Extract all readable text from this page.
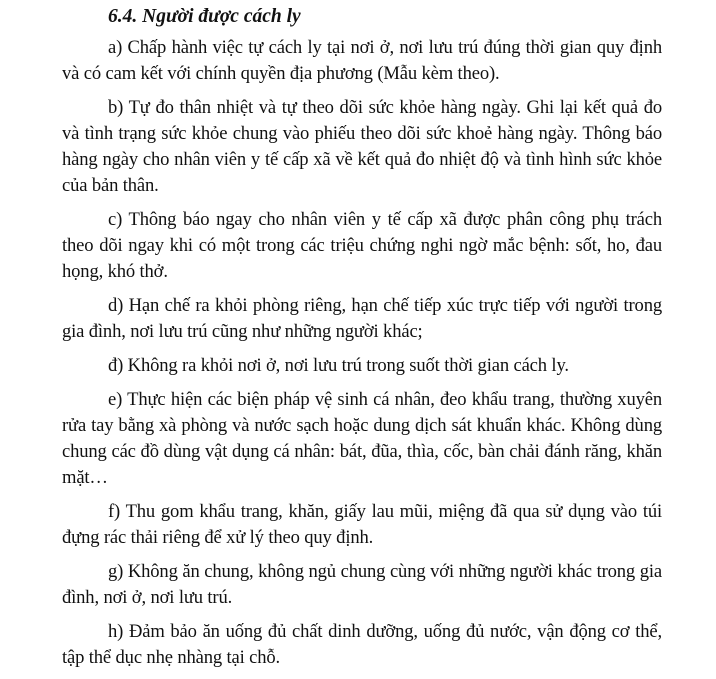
6.4. Người được cách ly

a) Chấp hành việc tự cách ly tại nơi ở, nơi lưu trú đúng thời gian quy định và có cam kết với chính quyền địa phương (Mẫu kèm theo).

b) Tự đo thân nhiệt và tự theo dõi sức khỏe hàng ngày. Ghi lại kết quả đo và tình trạng sức khỏe chung vào phiếu theo dõi sức khoẻ hàng ngày. Thông báo hàng ngày cho nhân viên y tế cấp xã về kết quả đo nhiệt độ và tình hình sức khỏe của bản thân.

c) Thông báo ngay cho nhân viên y tế cấp xã được phân công phụ trách theo dõi ngay khi có một trong các triệu chứng nghi ngờ mắc bệnh: sốt, ho, đau họng, khó thở.

d) Hạn chế ra khỏi phòng riêng, hạn chế tiếp xúc trực tiếp với người trong gia đình, nơi lưu trú cũng như những người khác;

đ) Không ra khỏi nơi ở, nơi lưu trú trong suốt thời gian cách ly.

e) Thực hiện các biện pháp vệ sinh cá nhân, đeo khẩu trang, thường xuyên rửa tay bằng xà phòng và nước sạch hoặc dung dịch sát khuẩn khác. Không dùng chung các đồ dùng vật dụng cá nhân: bát, đũa, thìa, cốc, bàn chải đánh răng, khăn mặt…

f) Thu gom khẩu trang, khăn, giấy lau mũi, miệng đã qua sử dụng vào túi đựng rác thải riêng để xử lý theo quy định.

g) Không ăn chung, không ngủ chung cùng với những người khác trong gia đình, nơi ở, nơi lưu trú.

h) Đảm bảo ăn uống đủ chất dinh dưỡng, uống đủ nước, vận động cơ thể, tập thể dục nhẹ nhàng tại chỗ.
